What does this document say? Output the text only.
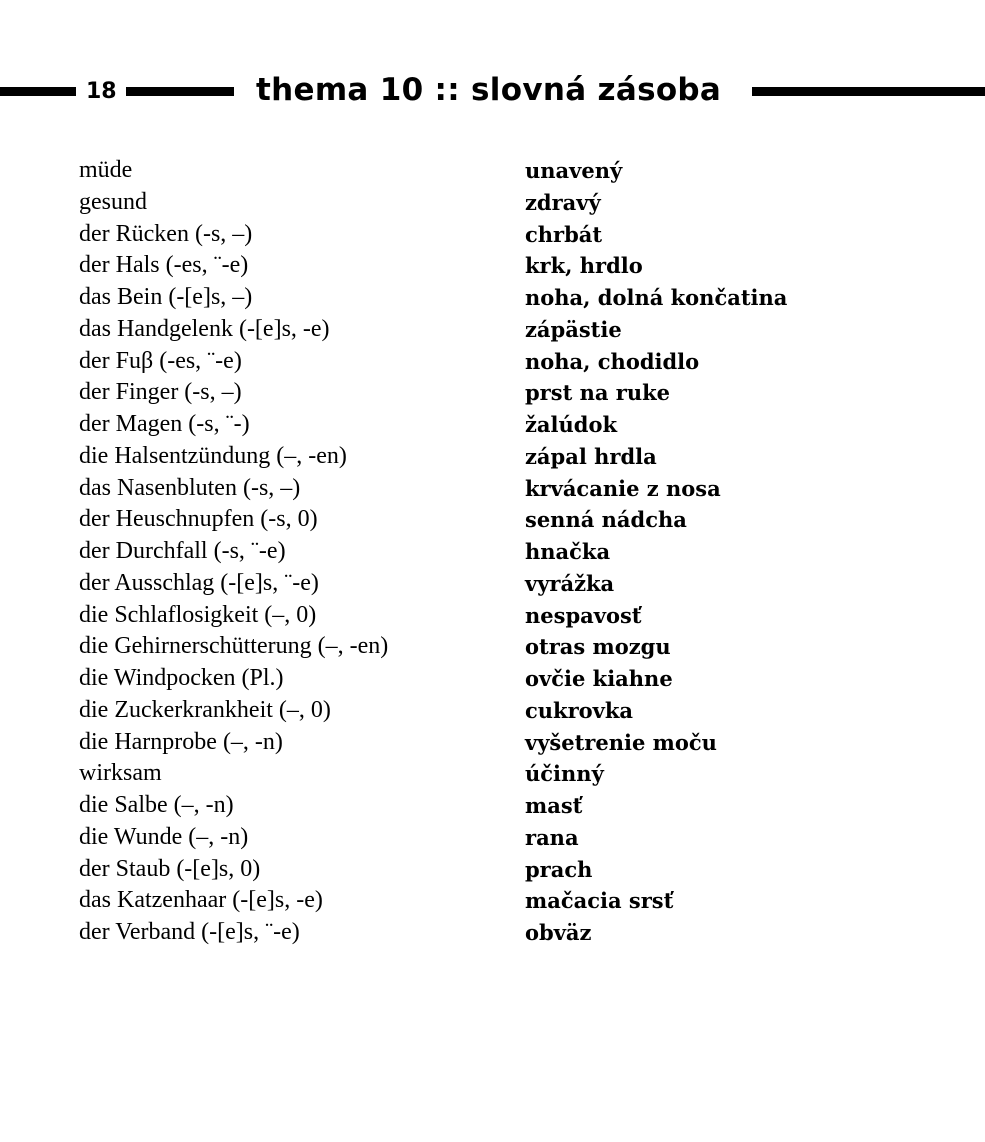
18	thema 10 :: slovná zásoba
müde	unavený
gesund	zdravý
der Rücken (-s, –)	chrbát
der Hals (-es, ¨-e)	krk, hrdlo
das Bein (-[e]s, –)	noha, dolná končatina
das Handgelenk (-[e]s, -e)	zápästie
der Fuβ (-es, ¨-e)	noha, chodidlo
der Finger (-s, –)	prst na ruke
der Magen (-s, ¨-)	žalúdok
die Halsentzündung (–, -en)	zápal hrdla
das Nasenbluten (-s, –)	krvácanie z nosa
der Heuschnupfen (-s, 0)	senná nádcha
der Durchfall (-s, ¨-e)	hnačka
der Ausschlag (-[e]s, ¨-e)	vyrážka
die Schlaflosigkeit (–, 0)	nespavosť
die Gehirnerschütterung (–, -en)	otras mozgu
die Windpocken (Pl.)	ovčie kiahne
die Zuckerkrankheit (–, 0)	cukrovka
die Harnprobe (–, -n)	vyšetrenie moču
wirksam	účinný
die Salbe (–, -n)	masť
die Wunde (–, -n)	rana
der Staub (-[e]s, 0)	prach
das Katzenhaar (-[e]s, -e)	mačacia srsť
der Verband (-[e]s, ¨-e)	obväz
